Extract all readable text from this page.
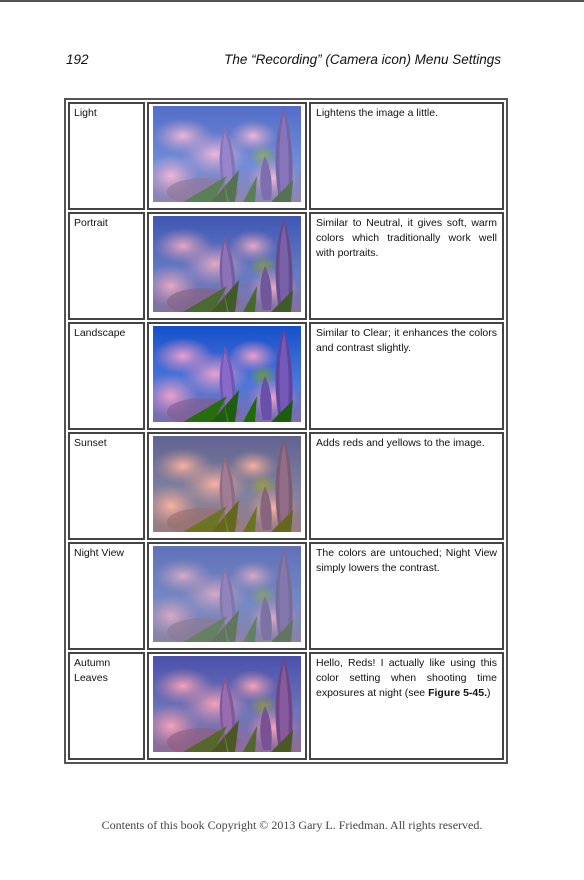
192	The “Recording” (Camera icon) Menu Settings
Light		Lightens the image a little.

Portrait		Similar to Neutral, it gives soft, warm colors which traditionally work well with portraits.

Landscape		Similar to Clear; it enhances the colors and contrast slightly.

Sunset		Adds reds and yellows to the image.

Night View		The colors are untouched; Night View simply lowers the contrast.

Autumn Leaves		Hello, Reds! I actually like using this color setting when shooting time exposures at night (see Figure 5-45.)
Contents of this book Copyright © 2013 Gary L. Friedman. All rights reserved.
